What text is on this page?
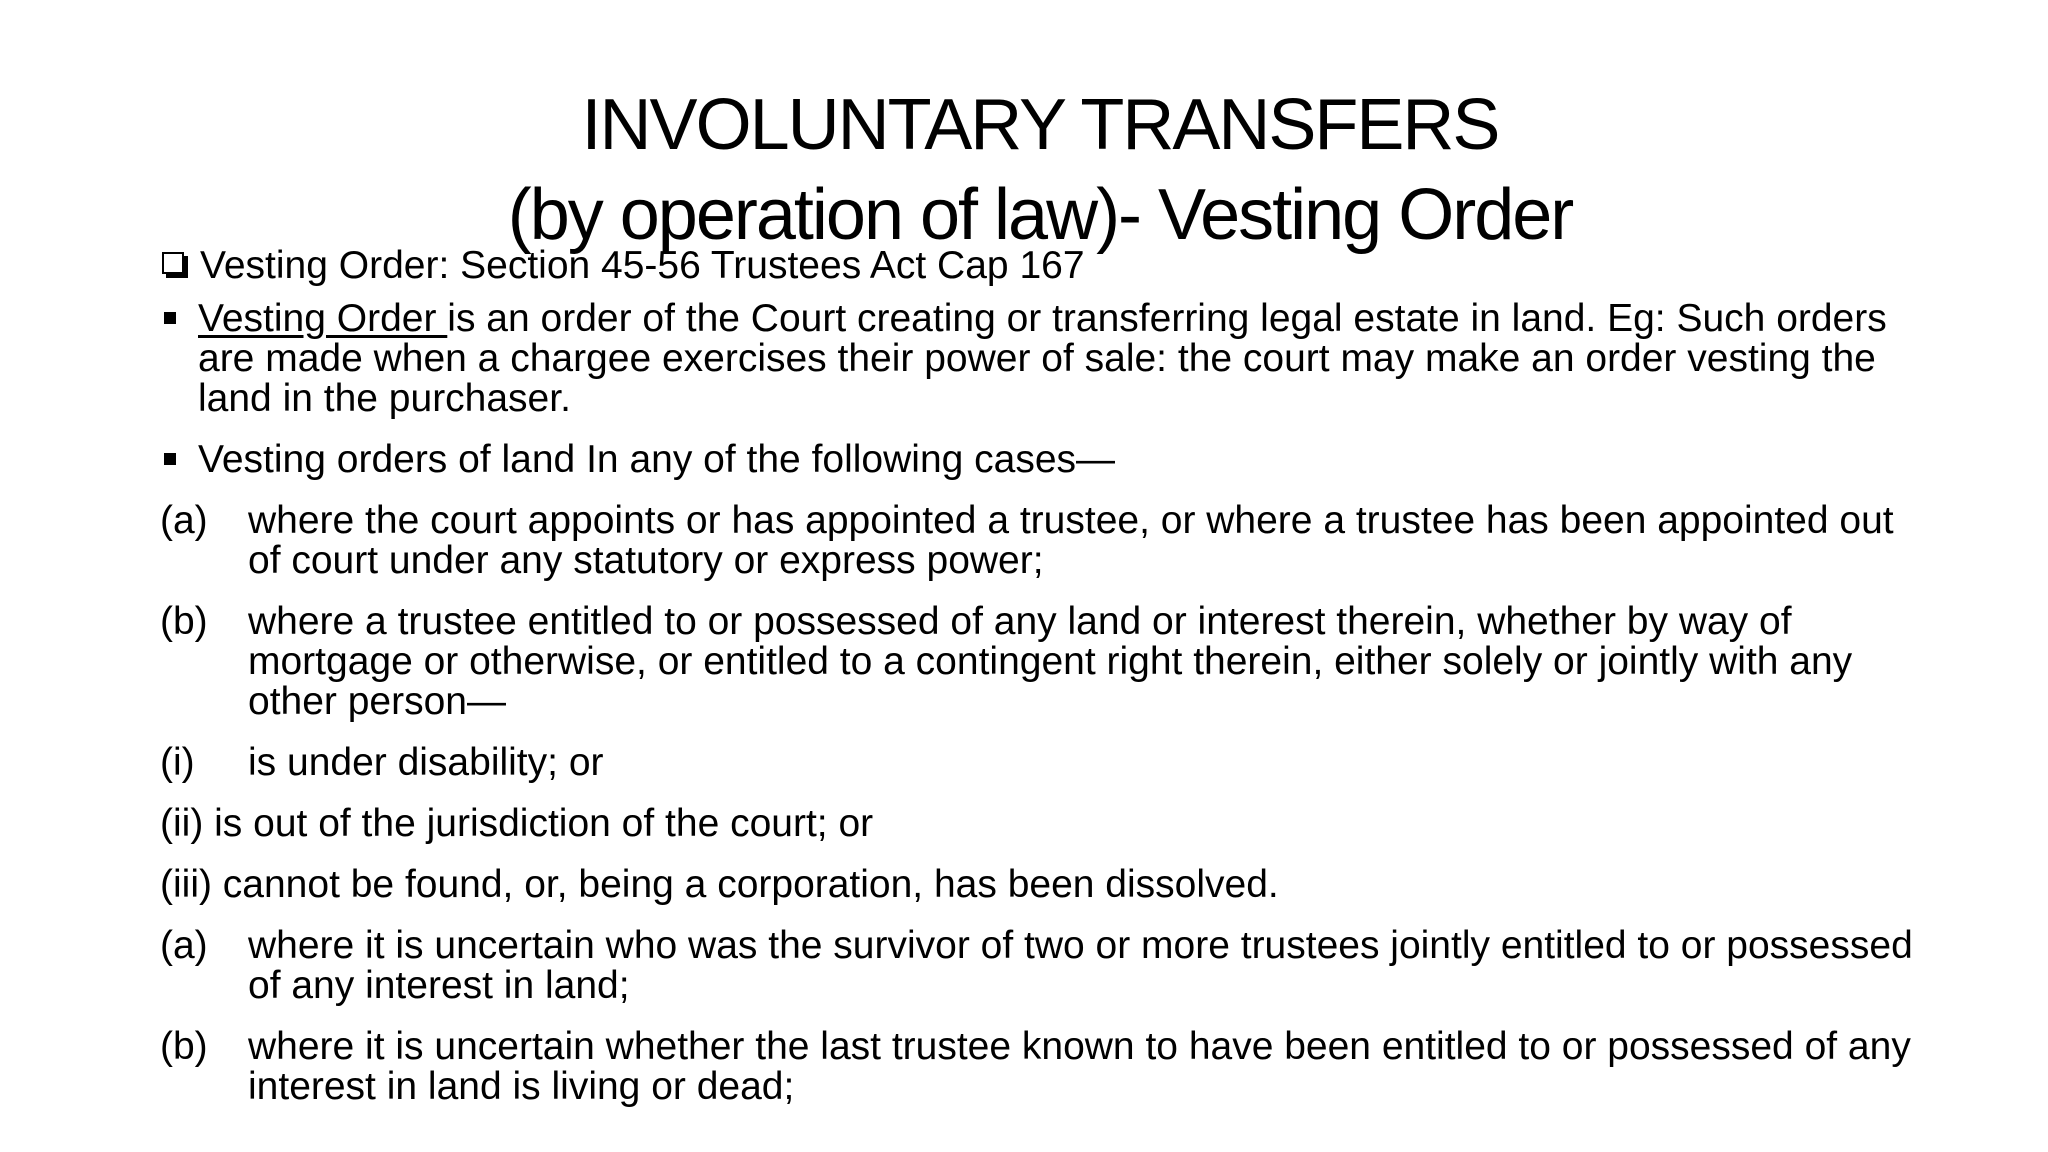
INVOLUNTARY TRANSFERS
(by operation of law)- Vesting Order

Vesting Order: Section 45-56 Trustees Act Cap 167

Vesting Order is an order of the Court creating or transferring legal estate in land. Eg: Such orders are made when a chargee exercises their power of sale: the court may make an order vesting the land in the purchaser.

Vesting orders of land In any of the following cases—

(a) where the court appoints or has appointed a trustee, or where a trustee has been appointed out of court under any statutory or express power;

(b) where a trustee entitled to or possessed of any land or interest therein, whether by way of mortgage or otherwise, or entitled to a contingent right therein, either solely or jointly with any other person—

(i) is under disability; or

(ii) is out of the jurisdiction of the court; or

(iii) cannot be found, or, being a corporation, has been dissolved.

(a) where it is uncertain who was the survivor of two or more trustees jointly entitled to or possessed of any interest in land;

(b) where it is uncertain whether the last trustee known to have been entitled to or possessed of any interest in land is living or dead;
